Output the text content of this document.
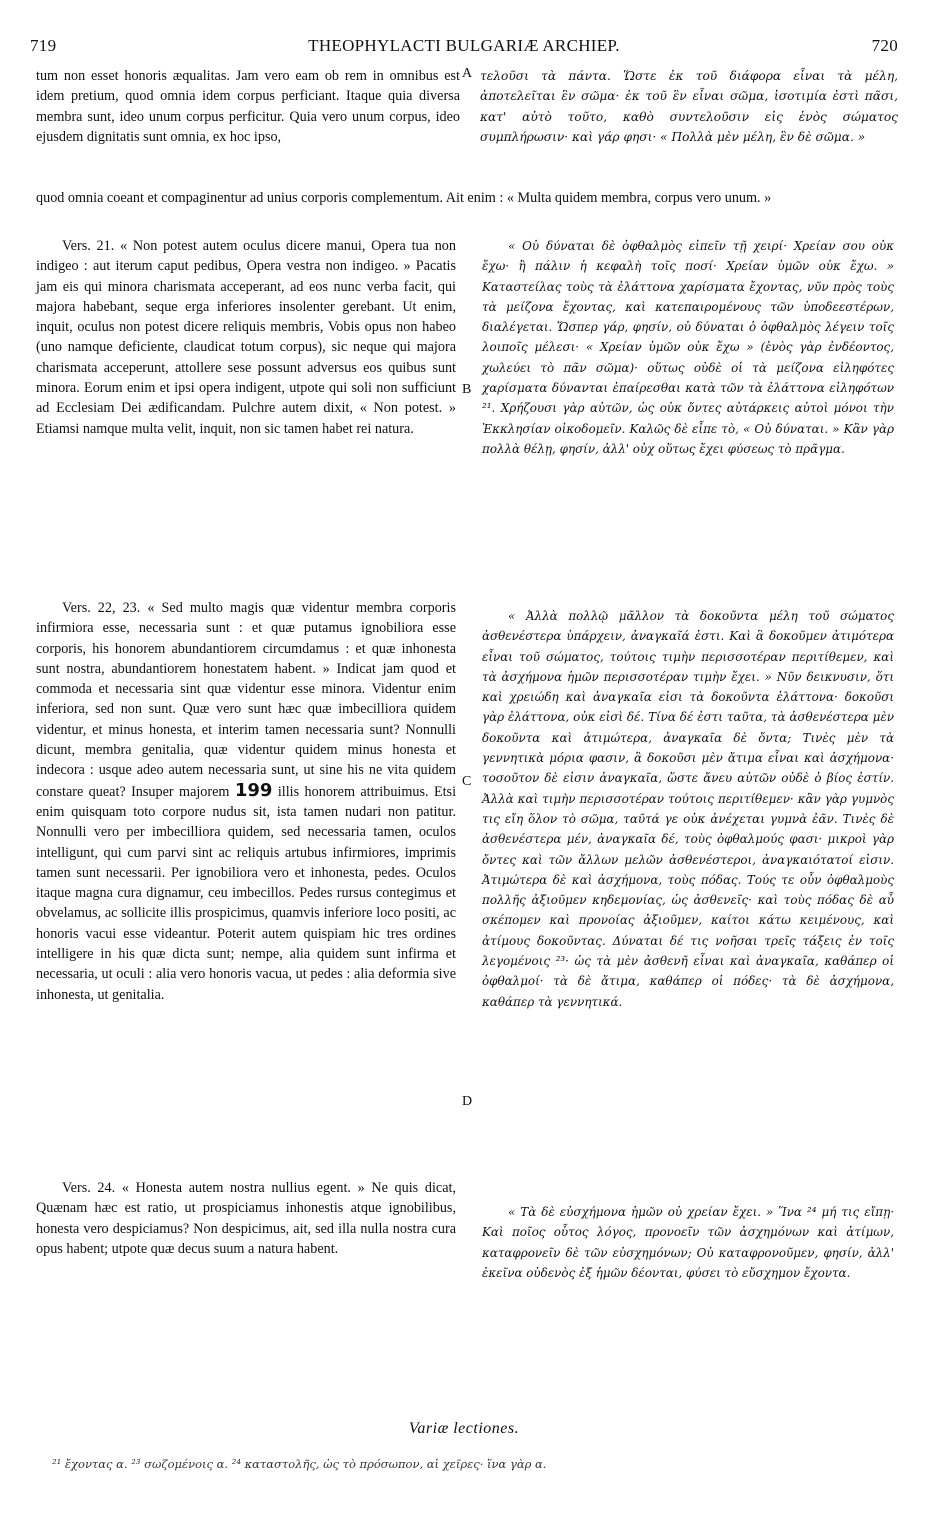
719	THEOPHYLACTI BULGARIÆ ARCHIEP.	720
tum non esset honoris æqualitas. Jam vero eam ob rem in omnibus est idem pretium, quod omnia idem corpus perficiant. Itaque quia diversa membra sunt, ideo unum corpus perficitur. Quia vero unum corpus, ideo ejusdem dignitatis sunt omnia, ex hoc ipso,
τελοῦσι τὰ πάντα. Ὥστε ἐκ τοῦ διάφορα εἶναι τὰ μέλη, ἀποτελεῖται ἓν σῶμα· ἐκ τοῦ ἓν εἶναι σῶμα, ἰσοτιμία ἐστὶ πᾶσι, κατ' αὐτὸ τοῦτο, καθὸ συντελοῦσιν εἰς ἑνὸς σώματος συμπλήρωσιν· καὶ γάρ φησι· « Πολλὰ μὲν μέλη, ἓν δὲ σῶμα. »
quod omnia coeant et compaginentur ad unius corporis complementum. Ait enim : « Multa quidem membra, corpus vero unum. »
A
B
C
D

Vers. 21. « Non potest autem oculus dicere manui, Opera tua non indigeo : aut iterum caput pedibus, Opera vestra non indigeo. » Pacatis jam eis qui minora charismata acceperant, ad eos nunc verba facit, qui majora habebant, seque erga inferiores insolenter gerebant. Ut enim, inquit, oculus non potest dicere reliquis membris, Vobis opus non habeo (uno namque deficiente, claudicat totum corpus), sic neque qui majora charismata acceperunt, attollere sese possunt adversus eos quibus sunt minora. Eorum enim et ipsi opera indigent, utpote qui soli non sufficiunt ad Ecclesiam Dei ædificandam. Pulchre autem dixit, « Non potest. » Etiamsi namque multa velit, inquit, non sic tamen habet rei natura.

Vers. 22, 23. « Sed multo magis quæ videntur membra corporis infirmiora esse, necessaria sunt : et quæ putamus ignobiliora esse corporis, his honorem abundantiorem circumdamus : et quæ inhonesta sunt nostra, abundantiorem honestatem habent. » Indicat jam quod et commoda et necessaria sint quæ videntur esse minora. Videntur enim inferiora, sed non sunt. Quæ vero sunt hæc quæ imbecilliora quidem videntur, et minus honesta, et interim tamen necessaria sunt? Nonnulli dicunt, membra genitalia, quæ videntur quidem minus honesta et indecora : usque adeo autem necessaria sunt, ut sine his ne vita quidem constare queat? Insuper majorem 199 illis honorem attribuimus. Etsi enim quisquam toto corpore nudus sit, ista tamen nudari non patitur. Nonnulli vero per imbecilliora quidem, sed necessaria tamen, oculos intelligunt, qui cum parvi sint ac reliquis artubus infirmiores, imprimis tamen sunt necessarii. Per ignobiliora vero et inhonesta, pedes. Oculos itaque magna cura dignamur, ceu imbecillos. Pedes rursus contegimus et obvelamus, ac sollicite illis prospicimus, quamvis inferiore loco positi, ac honoris vacui esse videantur. Poterit autem quispiam hic tres ordines intelligere in his quæ dicta sunt; nempe, alia quidem sunt infirma et necessaria, ut oculi : alia vero honoris vacua, ut pedes : alia deformia sive inhonesta, ut genitalia.

Vers. 24. « Honesta autem nostra nullius egent. » Ne quis dicat, Quænam hæc est ratio, ut prospiciamus inhonestis atque ignobilibus, honesta vero despiciamus? Non despicimus, ait, sed illa nulla nostra cura opus habent; utpote quæ decus suum a natura habent.

« Οὐ δύναται δὲ ὀφθαλμὸς εἰπεῖν τῇ χειρί· Χρείαν σου οὐκ ἔχω· ἢ πάλιν ἡ κεφαλὴ τοῖς ποσί· Χρείαν ὑμῶν οὐκ ἔχω. » Καταστείλας τοὺς τὰ ἐλάττονα χαρίσματα ἔχοντας, νῦν πρὸς τοὺς τὰ μείζονα ἔχοντας, καὶ κατεπαιρομένους τῶν ὑποδεεστέρων, διαλέγεται. Ὥσπερ γάρ, φησίν, οὐ δύναται ὁ ὀφθαλμὸς λέγειν τοῖς λοιποῖς μέλεσι· « Χρείαν ὑμῶν οὐκ ἔχω » (ἑνὸς γὰρ ἐνδέοντος, χωλεύει τὸ πᾶν σῶμα)· οὕτως οὐδὲ οἱ τὰ μείζονα εἰληφότες χαρίσματα δύνανται ἐπαίρεσθαι κατὰ τῶν τὰ ἐλάττονα εἰληφότων ²¹. Χρήζουσι γὰρ αὐτῶν, ὡς οὐκ ὄντες αὐτάρκεις αὐτοὶ μόνοι τὴν Ἐκκλησίαν οἰκοδομεῖν. Καλῶς δὲ εἶπε τὸ, « Οὐ δύναται. » Κἂν γὰρ πολλὰ θέλῃ, φησίν, ἀλλ' οὐχ οὕτως ἔχει φύσεως τὸ πρᾶγμα.

« Ἀλλὰ πολλῷ μᾶλλον τὰ δοκοῦντα μέλη τοῦ σώματος ἀσθενέστερα ὑπάρχειν, ἀναγκαῖά ἐστι. Καὶ ἃ δοκοῦμεν ἀτιμότερα εἶναι τοῦ σώματος, τούτοις τιμὴν περισσοτέραν περιτίθεμεν, καὶ τὰ ἀσχήμονα ἡμῶν περισσοτέραν τιμὴν ἔχει. » Νῦν δεικνυσιν, ὅτι καὶ χρειώδη καὶ ἀναγκαῖα εἰσι τὰ δοκοῦντα ἐλάττονα· δοκοῦσι γὰρ ἐλάττονα, οὐκ εἰσὶ δέ. Τίνα δέ ἐστι ταῦτα, τὰ ἀσθενέστερα μὲν δοκοῦντα καὶ ἀτιμώτερα, ἀναγκαῖα δὲ ὄντα; Τινὲς μὲν τὰ γεννητικὰ μόρια φασιν, ἃ δοκοῦσι μὲν ἄτιμα εἶναι καὶ ἀσχήμονα· τοσοῦτον δὲ εἰσιν ἀναγκαῖα, ὥστε ἄνευ αὐτῶν οὐδὲ ὁ βίος ἐστίν. Ἀλλὰ καὶ τιμὴν περισσοτέραν τούτοις περιτίθεμεν· κἂν γὰρ γυμνὸς τις εἴη ὅλον τὸ σῶμα, ταῦτά γε οὐκ ἀνέχεται γυμνὰ ἐᾶν. Τινὲς δὲ ἀσθενέστερα μέν, ἀναγκαῖα δέ, τοὺς ὀφθαλμούς φασι· μικροὶ γὰρ ὄντες καὶ τῶν ἄλλων μελῶν ἀσθενέστεροι, ἀναγκαιότατοί εἰσιν. Ἀτιμώτερα δὲ καὶ ἀσχήμονα, τοὺς πόδας. Τούς τε οὖν ὀφθαλμοὺς πολλῆς ἀξιοῦμεν κηδεμονίας, ὡς ἀσθενεῖς· καὶ τοὺς πόδας δὲ αὖ σκέπομεν καὶ προνοίας ἀξιοῦμεν, καίτοι κάτω κειμένους, καὶ ἀτίμους δοκοῦντας. Δύναται δέ τις νοῆσαι τρεῖς τάξεις ἐν τοῖς λεγομένοις ²³· ὡς τὰ μὲν ἀσθενῆ εἶναι καὶ ἀναγκαῖα, καθάπερ οἱ ὀφθαλμοί· τὰ δὲ ἄτιμα, καθάπερ οἱ πόδες· τὰ δὲ ἀσχήμονα, καθάπερ τὰ γεννητικά.

« Τὰ δὲ εὐσχήμονα ἡμῶν οὐ χρείαν ἔχει. » Ἵνα ²⁴ μή τις εἴπῃ· Καὶ ποῖος οὗτος λόγος, προνοεῖν τῶν ἀσχημόνων καὶ ἀτίμων, καταφρονεῖν δὲ τῶν εὐσχημόνων; Οὐ καταφρονοῦμεν, φησίν, ἀλλ' ἐκεῖνα οὐδενὸς ἐξ ἡμῶν δέονται, φύσει τὸ εὔσχημον ἔχοντα.

Variæ lectiones.
²¹ ἔχοντας α. ²³ σωζομένοις α. ²⁴ καταστολῆς, ὡς τὸ πρόσωπον, αἱ χεῖρες· ἵνα γὰρ α.
